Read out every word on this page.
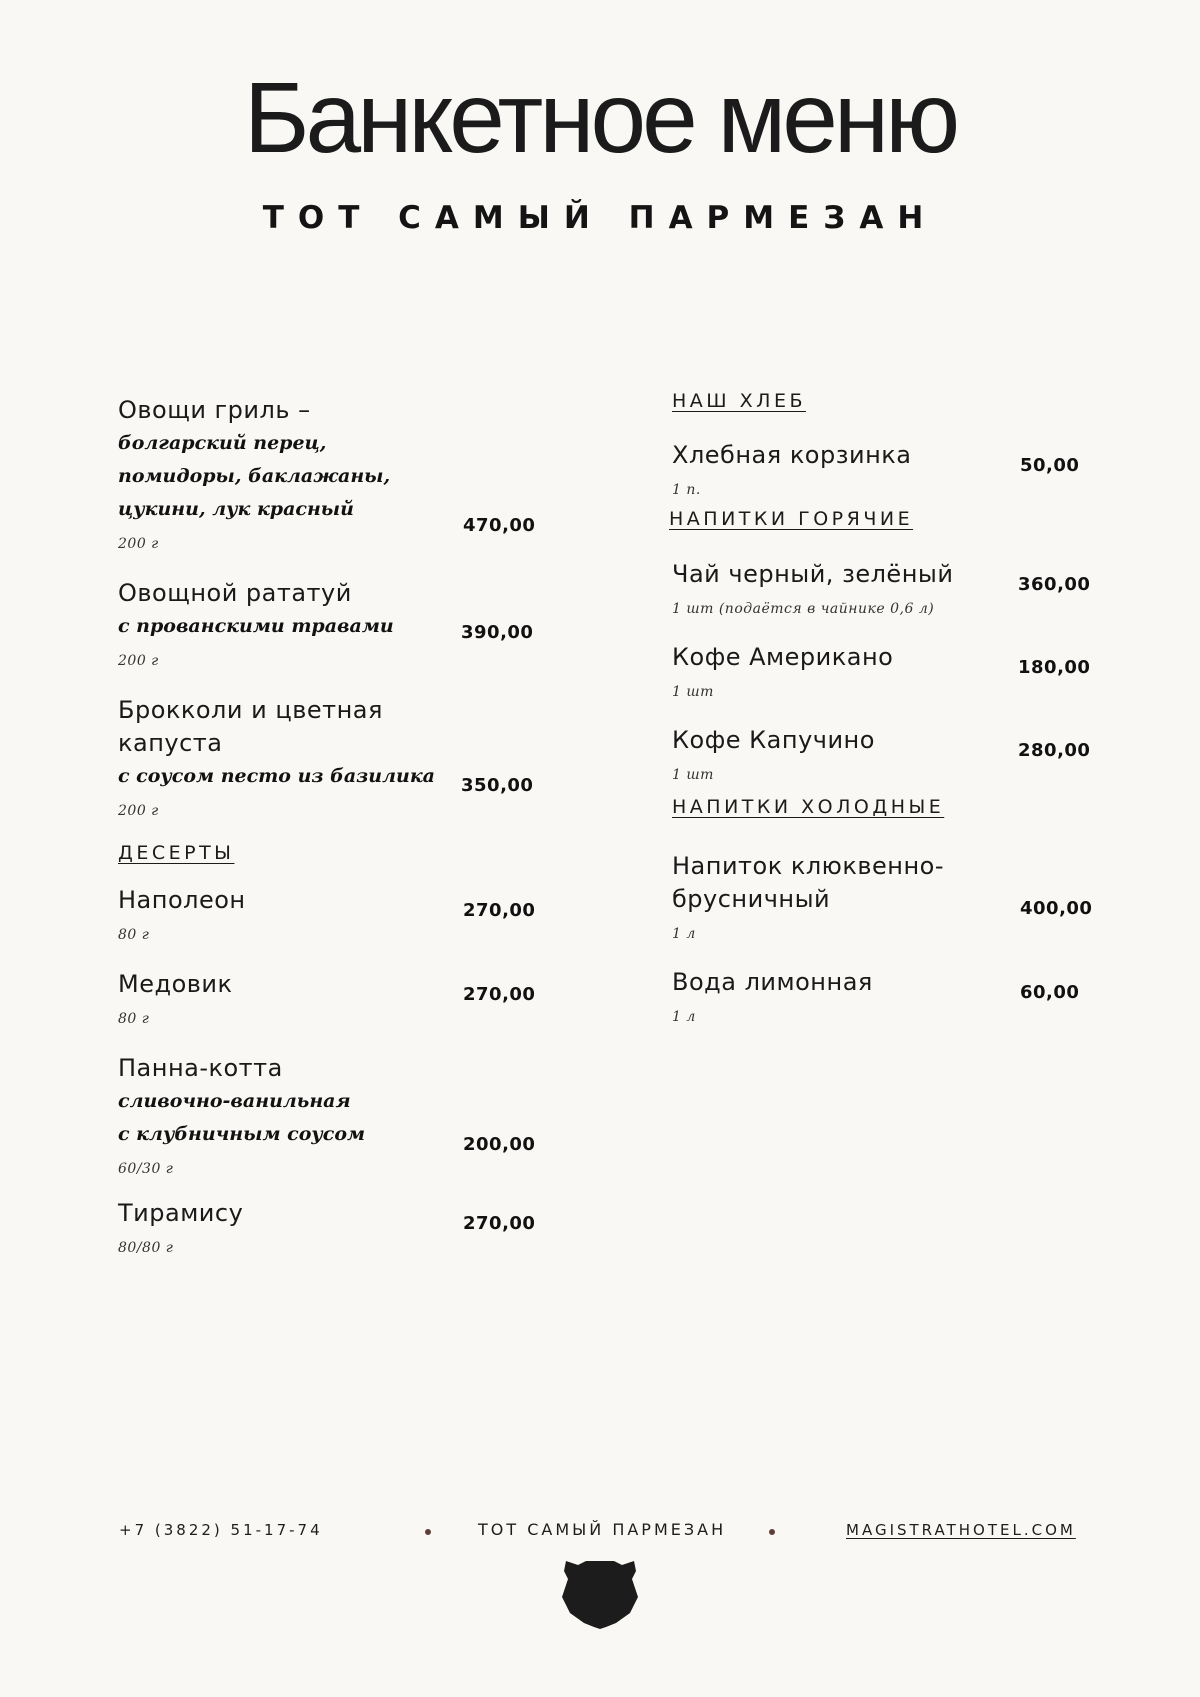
Банкетное меню
ТОТ САМЫЙ ПАРМЕЗАН
Овощи гриль –
болгарский перец, помидоры, баклажаны, цукини, лук красный
200 г
470,00
Овощной рататуй
с прованскими травами
200 г
390,00
Брокколи и цветная капуста
с соусом песто из базилика
200 г
350,00
ДЕСЕРТЫ
Наполеон
80 г
270,00
Медовик
80 г
270,00
Панна-котта
сливочно-ванильная с клубничным соусом
60/30 г
200,00
Тирамису
80/80 г
270,00
НАШ ХЛЕБ
Хлебная корзинка
1 п.
50,00
НАПИТКИ ГОРЯЧИЕ
Чай черный, зелёный
1 шт (подаётся в чайнике 0,6 л)
360,00
Кофе Американо
1 шт
180,00
Кофе Капучино
1 шт
280,00
НАПИТКИ ХОЛОДНЫЕ
Напиток клюквенно-брусничный
1 л
400,00
Вода лимонная
1 л
60,00
+7 (3822) 51-17-74	ТОТ САМЫЙ ПАРМЕЗАН	MAGISTRATHOTEL.COM
